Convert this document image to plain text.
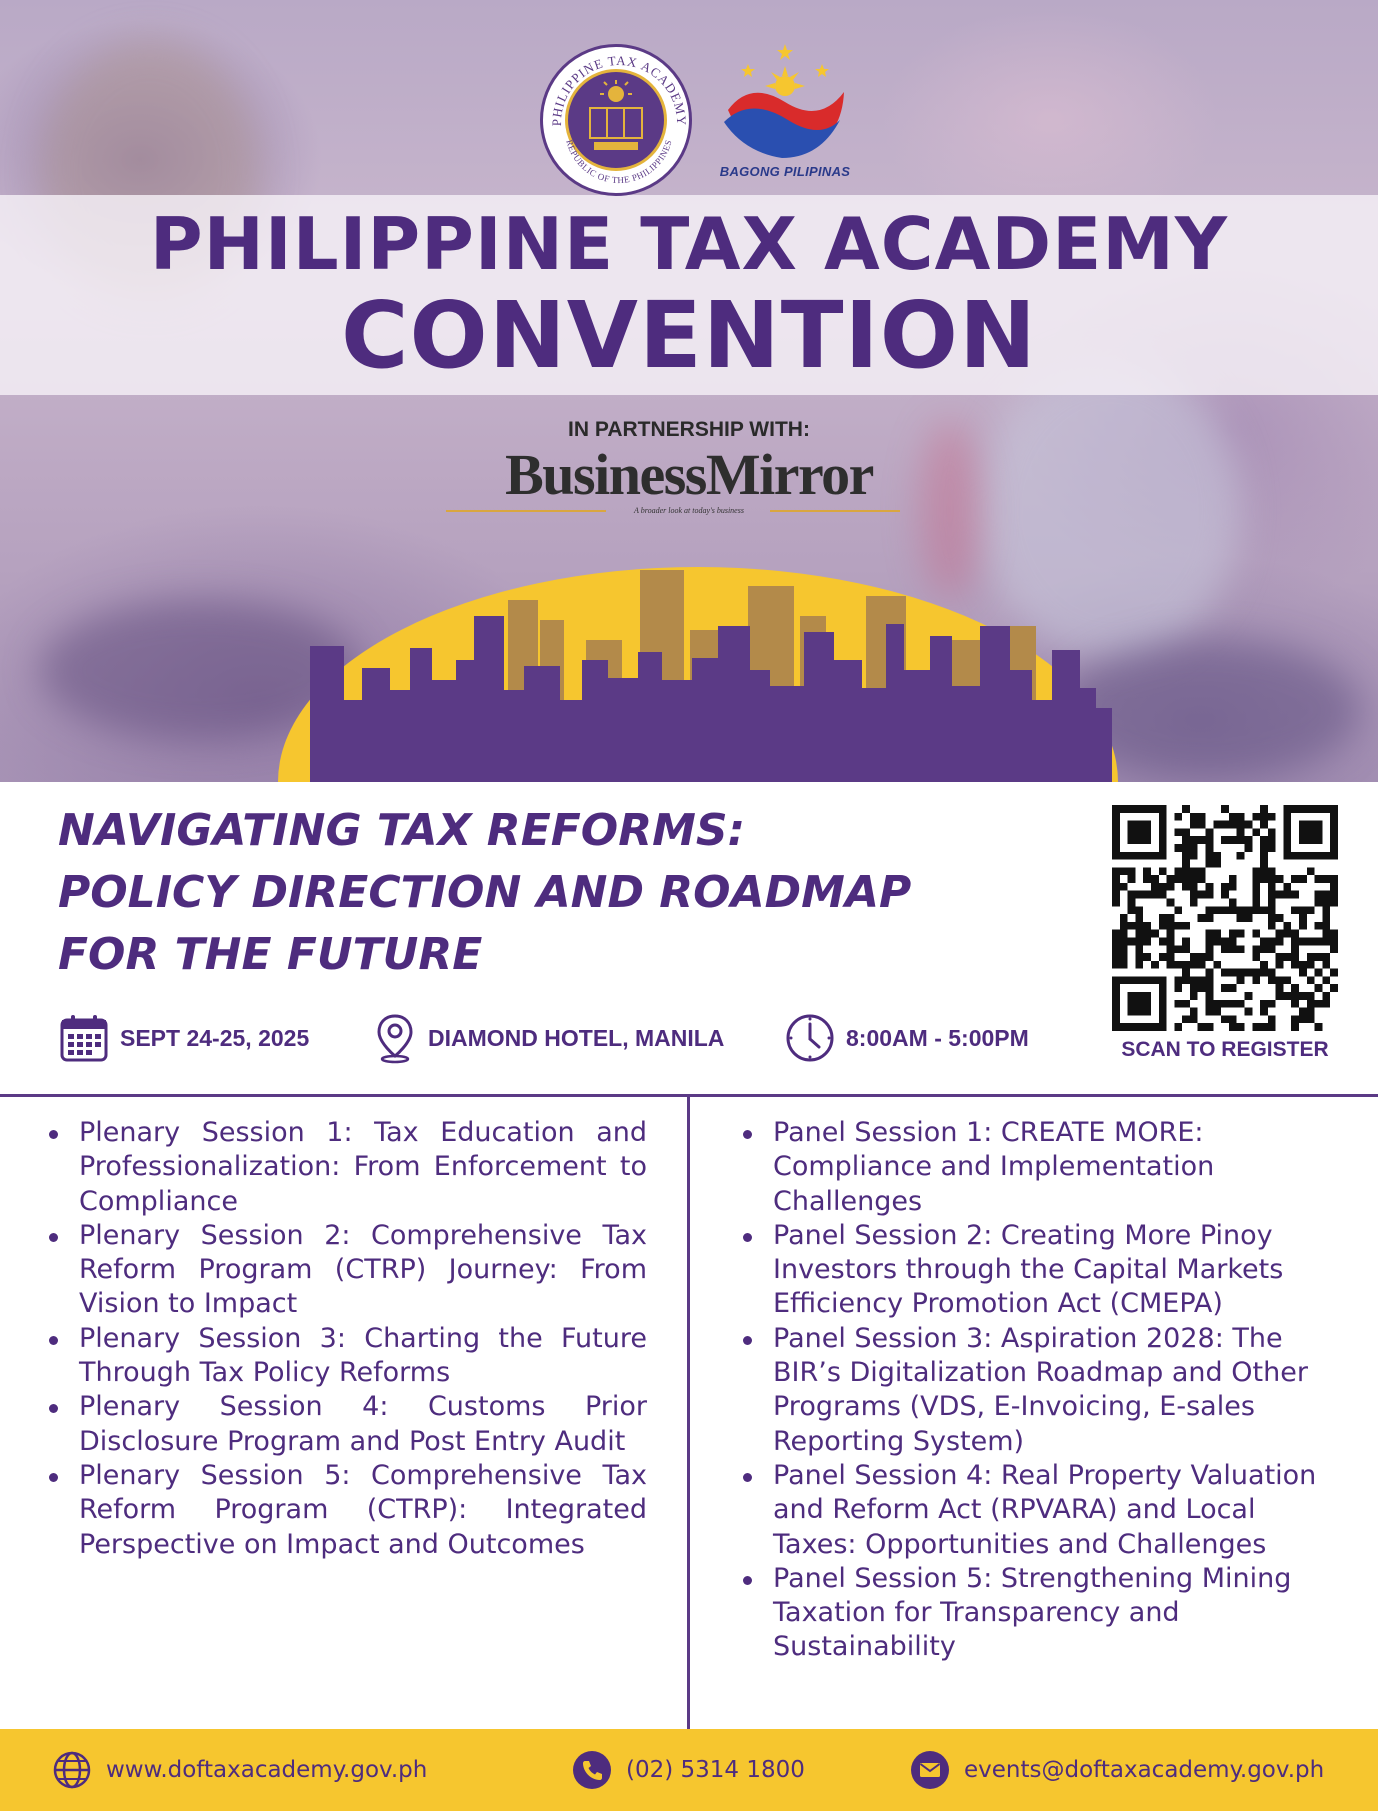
PHILIPPINE TAX ACADEMY
REPUBLIC OF THE PHILIPPINES
BAGONG PILIPINAS
PHILIPPINE TAX ACADEMY
CONVENTION
IN PARTNERSHIP WITH:
BusinessMirror
A broader look at today's business
NAVIGATING TAX REFORMS:
POLICY DIRECTION AND ROADMAP
FOR THE FUTURE
SCAN TO REGISTER
SEPT 24-25, 2025	DIAMOND HOTEL, MANILA	8:00AM - 5:00PM
Plenary Session 1: Tax Education and Professionalization: From Enforcement to Compliance
Plenary Session 2: Comprehensive Tax Reform Program (CTRP) Journey: From Vision to Impact
Plenary Session 3: Charting the Future Through Tax Policy Reforms
Plenary Session 4: Customs Prior Disclosure Program and Post Entry Audit
Plenary Session 5: Comprehensive Tax Reform Program (CTRP): Integrated Perspective on Impact and Outcomes
Panel Session 1: CREATE MORE: Compliance and Implementation Challenges
Panel Session 2: Creating More Pinoy Investors through the Capital Markets Efficiency Promotion Act (CMEPA)
Panel Session 3: Aspiration 2028: The BIR’s Digitalization Roadmap and Other Programs (VDS, E-Invoicing, E-sales Reporting System)
Panel Session 4: Real Property Valuation and Reform Act (RPVARA) and Local Taxes: Opportunities and Challenges
Panel Session 5: Strengthening Mining Taxation for Transparency and Sustainability
www.doftaxacademy.gov.ph	(02) 5314 1800	events@doftaxacademy.gov.ph
